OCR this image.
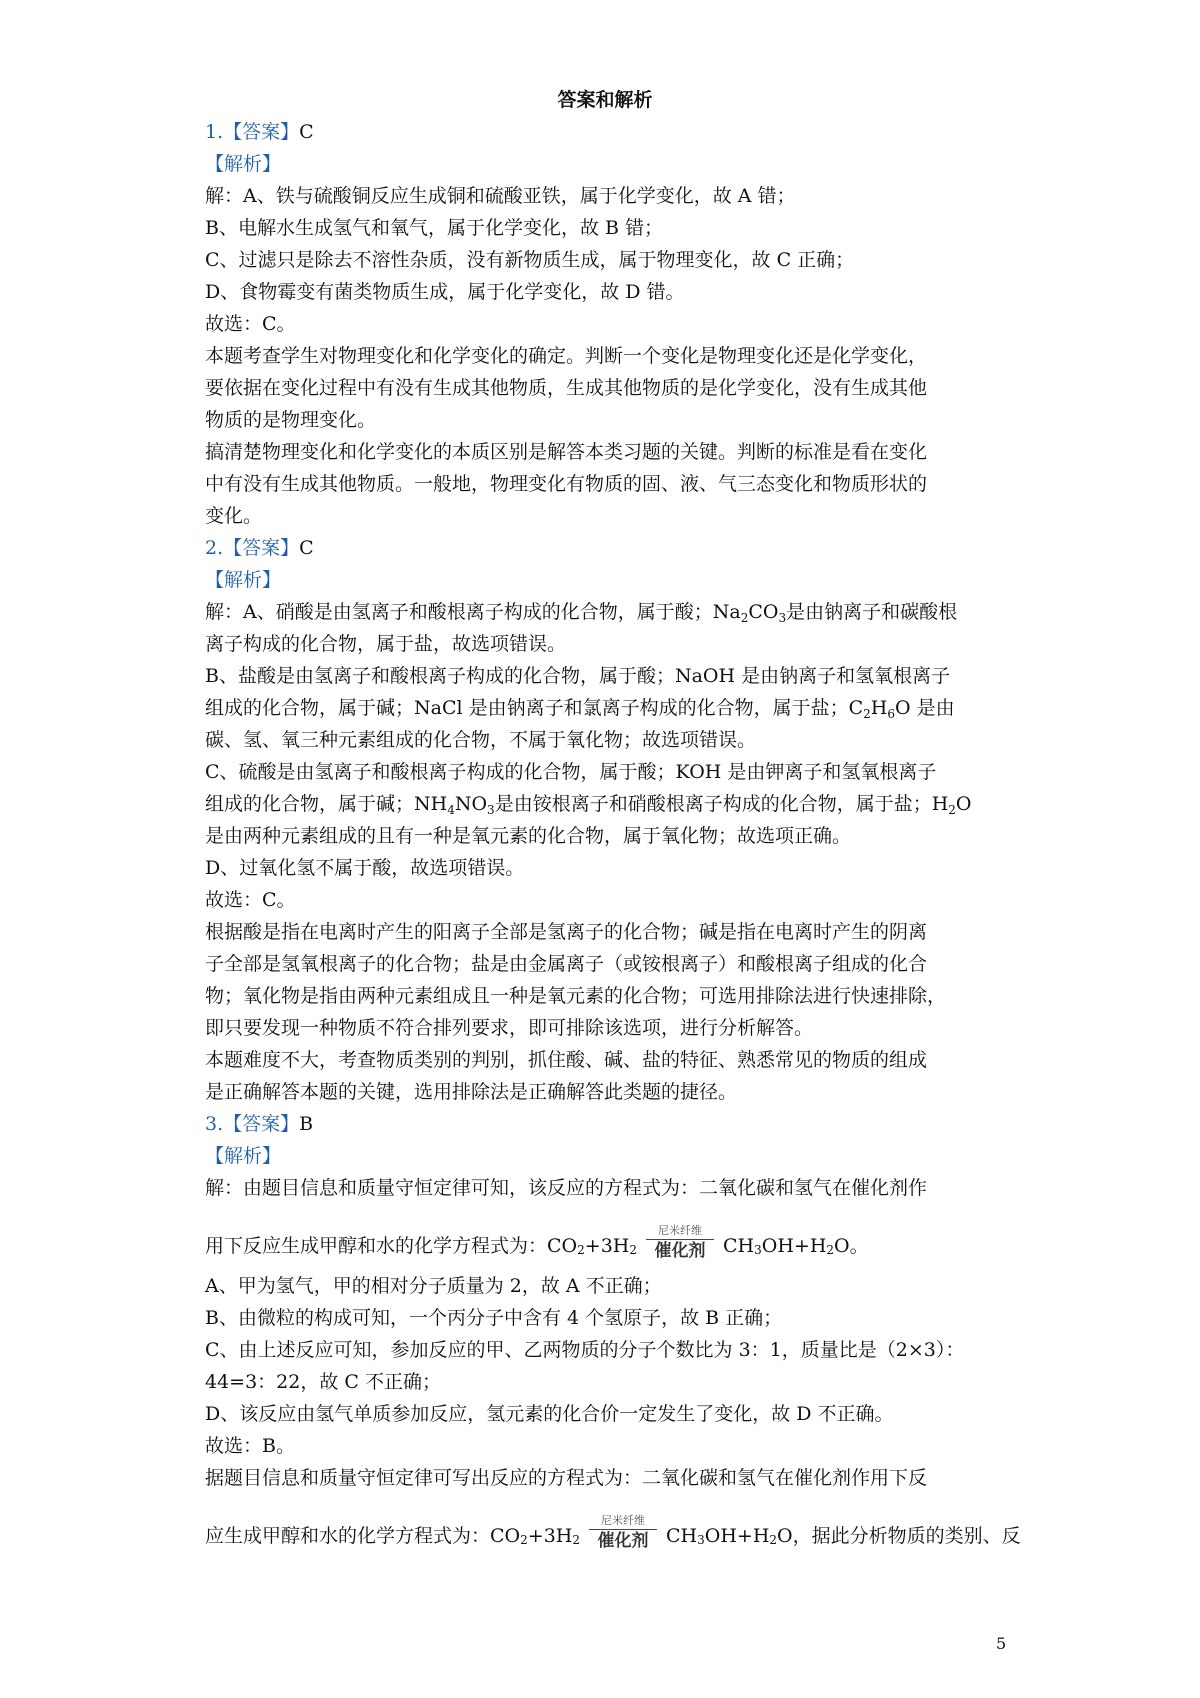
答案和解析
1.【答案】C
【解析】
解：A、铁与硫酸铜反应生成铜和硫酸亚铁，属于化学变化，故 A 错；
B、电解水生成氢气和氧气，属于化学变化，故 B 错；
C、过滤只是除去不溶性杂质，没有新物质生成，属于物理变化，故 C 正确；
D、食物霉变有菌类物质生成，属于化学变化，故 D 错。
故选：C。
本题考查学生对物理变化和化学变化的确定。判断一个变化是物理变化还是化学变化，
要依据在变化过程中有没有生成其他物质，生成其他物质的是化学变化，没有生成其他
物质的是物理变化。
搞清楚物理变化和化学变化的本质区别是解答本类习题的关键。判断的标准是看在变化
中有没有生成其他物质。一般地，物理变化有物质的固、液、气三态变化和物质形状的
变化。
2.【答案】C
【解析】
解：A、硝酸是由氢离子和酸根离子构成的化合物，属于酸；$Na_2CO_3$是由钠离子和碳酸根
离子构成的化合物，属于盐，故选项错误。
B、盐酸是由氢离子和酸根离子构成的化合物，属于酸；NaOH 是由钠离子和氢氧根离子
组成的化合物，属于碱；NaCl 是由钠离子和氯离子构成的化合物，属于盐；$C_2H_6O$ 是由
碳、氢、氧三种元素组成的化合物，不属于氧化物；故选项错误。
C、硫酸是由氢离子和酸根离子构成的化合物，属于酸；KOH 是由钾离子和氢氧根离子
组成的化合物，属于碱；$NH_4NO_3$是由铵根离子和硝酸根离子构成的化合物，属于盐；$H_2O$
是由两种元素组成的且有一种是氧元素的化合物，属于氧化物；故选项正确。
D、过氧化氢不属于酸，故选项错误。
故选：C。
根据酸是指在电离时产生的阳离子全部是氢离子的化合物；碱是指在电离时产生的阴离
子全部是氢氧根离子的化合物；盐是由金属离子（或铵根离子）和酸根离子组成的化合
物；氧化物是指由两种元素组成且一种是氧元素的化合物；可选用排除法进行快速排除，
即只要发现一种物质不符合排列要求，即可排除该选项，进行分析解答。
本题难度不大，考查物质类别的判别，抓住酸、碱、盐的特征、熟悉常见的物质的组成
是正确解答本题的关键，选用排除法是正确解答此类题的捷径。
3.【答案】B
【解析】
解：由题目信息和质量守恒定律可知，该反应的方程式为：二氧化碳和氢气在催化剂作
用下反应生成甲醇和水的化学方程式为： CO 2 +3H 2
尼米纤维
催化剂 CH 3 OH+H 2 O。
A、甲为氢气，甲的相对分子质量为 2，故 A 不正确；
B、由微粒的构成可知，一个丙分子中含有 4 个氢原子，故 B 正确；
C、由上述反应可知，参加反应的甲、乙两物质的分子个数比为 3：1，质量比是（2×3）：
44=3：22，故 C 不正确；
D、该反应由氢气单质参加反应，氢元素的化合价一定发生了变化，故 D 不正确。
故选：B。
据题目信息和质量守恒定律可写出反应的方程式为：二氧化碳和氢气在催化剂作用下反
应生成甲醇和水的化学方程式为： CO 2 +3H 2
尼米纤维
催化剂 CH 3 OH+H 2 O，据此分析物质的类别、反
5
